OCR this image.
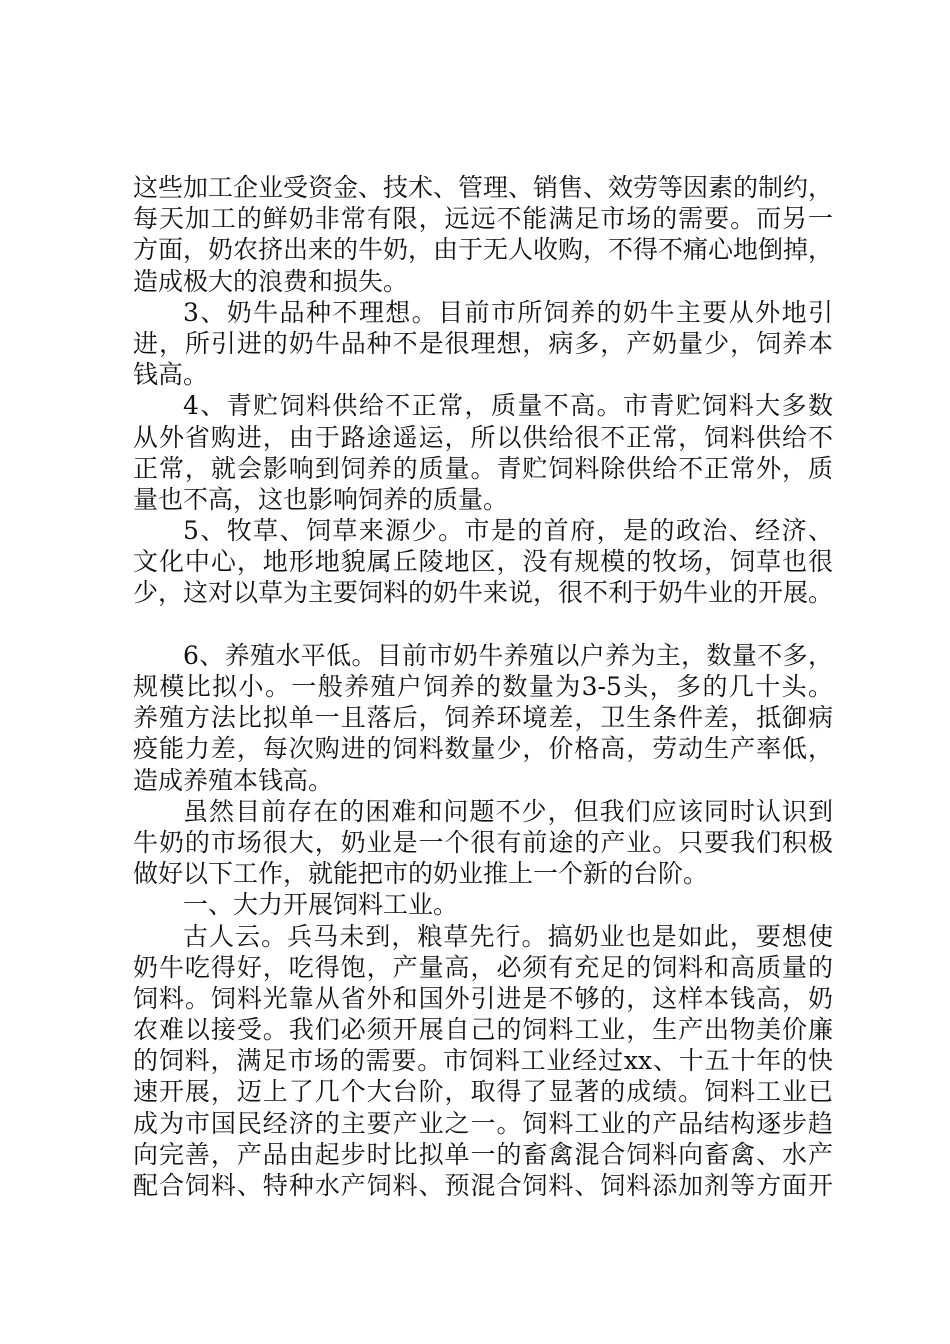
这些加工企业受资金、技术、管理、销售、效劳等因素的制约，
每天加工的鲜奶非常有限，远远不能满足市场的需要。而另一
方面，奶农挤出来的牛奶，由于无人收购，不得不痛心地倒掉，
造成极大的浪费和损失。
3、奶牛品种不理想。目前市所饲养的奶牛主要从外地引
进，所引进的奶牛品种不是很理想，病多，产奶量少，饲养本
钱高。
4、青贮饲料供给不正常，质量不高。市青贮饲料大多数
从外省购进，由于路途遥运，所以供给很不正常，饲料供给不
正常，就会影响到饲养的质量。青贮饲料除供给不正常外，质
量也不高，这也影响饲养的质量。
5、牧草、饲草来源少。市是的首府，是的政治、经济、
文化中心，地形地貌属丘陵地区，没有规模的牧场，饲草也很
少，这对以草为主要饲料的奶牛来说，很不利于奶牛业的开展。
6、养殖水平低。目前市奶牛养殖以户养为主，数量不多，
规模比拟小。一般养殖户饲养的数量为3-5头，多的几十头。
养殖方法比拟单一且落后，饲养环境差，卫生条件差，抵御病
疫能力差，每次购进的饲料数量少，价格高，劳动生产率低，
造成养殖本钱高。
虽然目前存在的困难和问题不少，但我们应该同时认识到
牛奶的市场很大，奶业是一个很有前途的产业。只要我们积极
做好以下工作，就能把市的奶业推上一个新的台阶。
一、大力开展饲料工业。
古人云。兵马未到，粮草先行。搞奶业也是如此，要想使
奶牛吃得好，吃得饱，产量高，必须有充足的饲料和高质量的
饲料。饲料光靠从省外和国外引进是不够的，这样本钱高，奶
农难以接受。我们必须开展自己的饲料工业，生产出物美价廉
的饲料，满足市场的需要。市饲料工业经过xx、十五十年的快
速开展，迈上了几个大台阶，取得了显著的成绩。饲料工业已
成为市国民经济的主要产业之一。饲料工业的产品结构逐步趋
向完善，产品由起步时比拟单一的畜禽混合饲料向畜禽、水产
配合饲料、特种水产饲料、预混合饲料、饲料添加剂等方面开
